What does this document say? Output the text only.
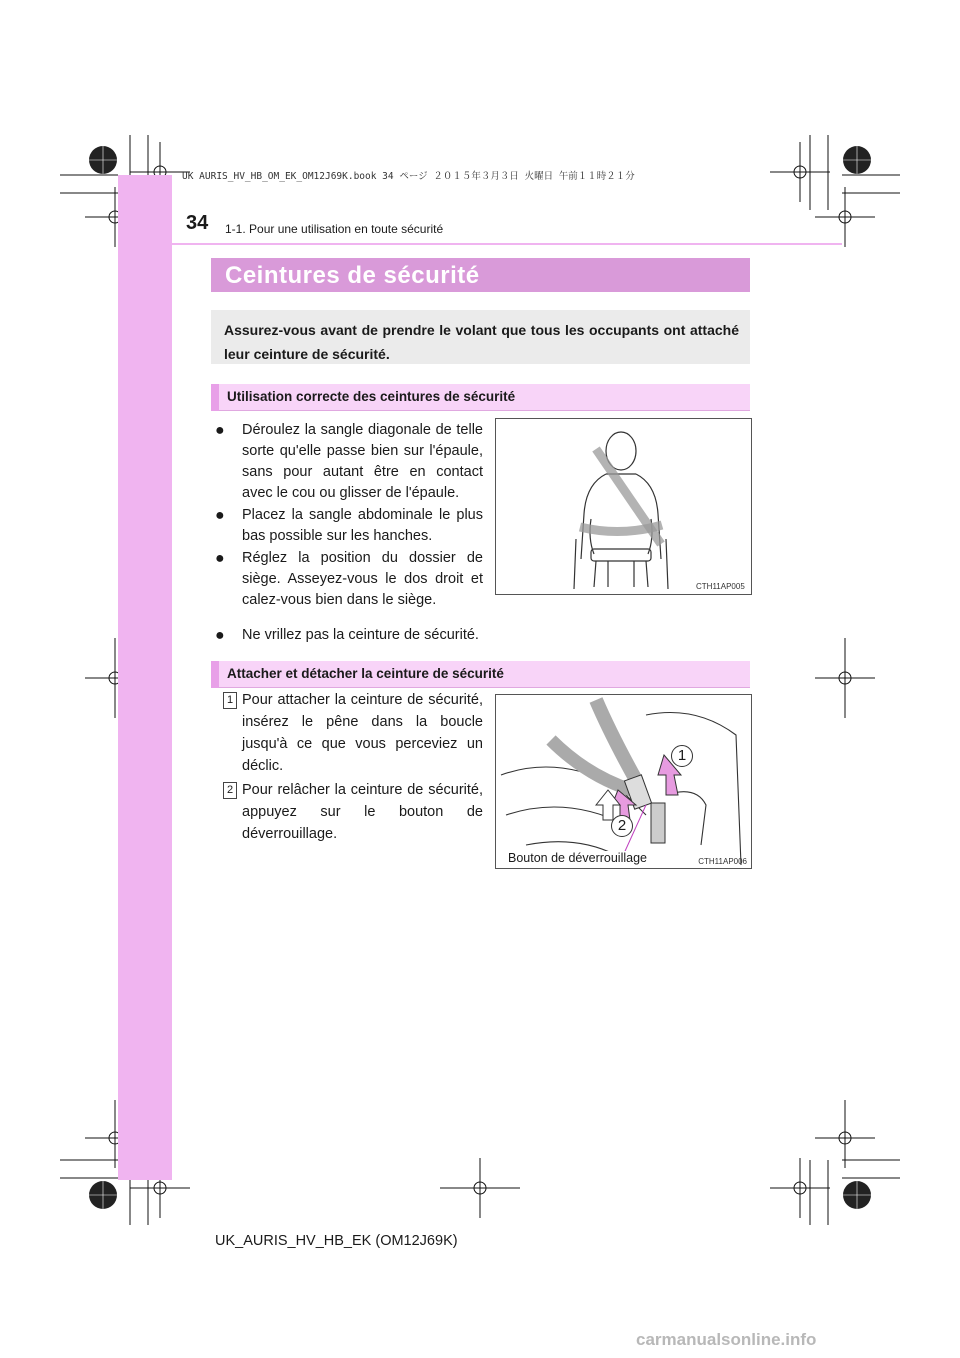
UK AURIS_HV_HB_OM_EK_OM12J69K.book 34 ページ ２０１５年３月３日 火曜日 午前１１時２１分
34 1-1. Pour une utilisation en toute sécurité
Ceintures de sécurité

Assurez-vous avant de prendre le volant que tous les occupants ont attaché leur ceinture de sécurité.

Utilisation correcte des ceintures de sécurité
● Déroulez la sangle diagonale de telle sorte qu'elle passe bien sur l'épaule, sans pour autant être en contact avec le cou ou glisser de l'épaule.
● Placez la sangle abdominale le plus bas possible sur les hanches.
● Réglez la position du dossier de siège. Asseyez-vous le dos droit et calez-vous bien dans le siège.
● Ne vrillez pas la ceinture de sécurité.
CTH11AP005
Attacher et détacher la ceinture de sécurité
1 Pour attacher la ceinture de sécurité, insérez le pêne dans la boucle jusqu'à ce que vous perceviez un déclic.
2 Pour relâcher la ceinture de sécurité, appuyez sur le bouton de déverrouillage.
1
2
Bouton de déverrouillage	CTH11AP006
UK_AURIS_HV_HB_EK (OM12J69K)
carmanualsonline.info
